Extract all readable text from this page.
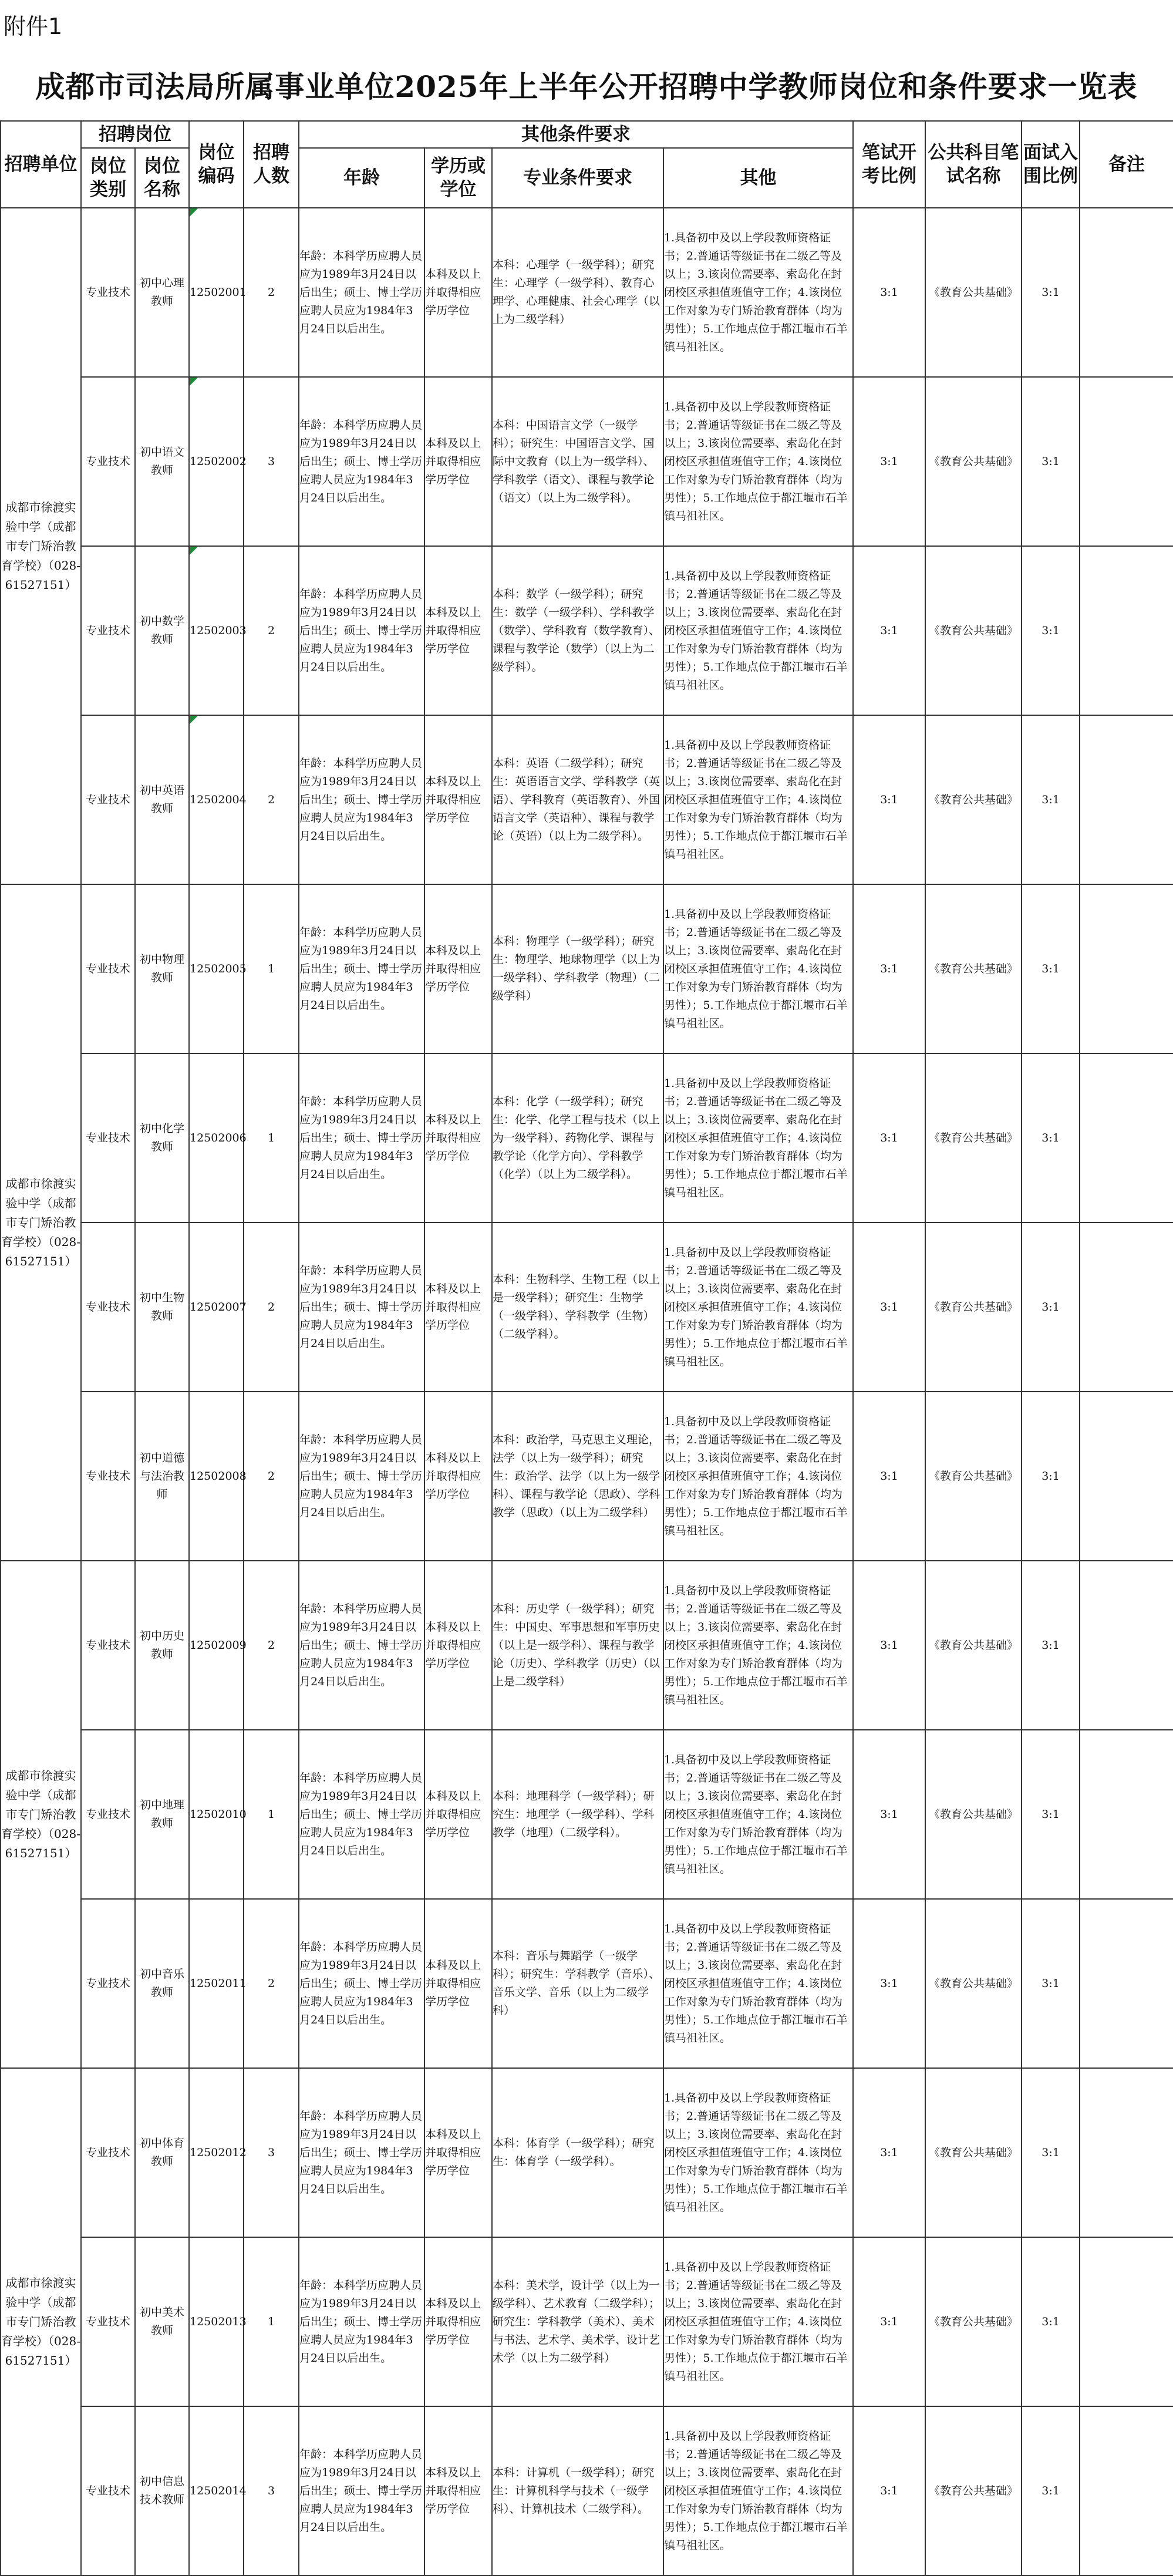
附件1
成都市司法局所属事业单位2025年上半年公开招聘中学教师岗位和条件要求一览表
招聘单位	招聘岗位		岗位编码	招聘人数	其他条件要求				笔试开考比例	公共科目笔试名称	面试入围比例	备注
	岗位类别	岗位名称			年龄	学历或学位	专业条件要求	其他				
成都市徐渡实验中学（成都市专门矫治教育学校）（028-61527151）	专业技术	初中心理教师	12502001	2	年龄：本科学历应聘人员应为1989年3月24日以后出生；硕士、博士学历应聘人员应为1984年3月24日以后出生。	本科及以上并取得相应学历学位	本科：心理学（一级学科）；研究生：心理学（一级学科）、教育心理学、心理健康、社会心理学（以上为二级学科）	1.具备初中及以上学段教师资格证书；2.普通话等级证书在二级乙等及以上；3.该岗位需要率、索岛化在封闭校区承担值班值守工作；4.该岗位工作对象为专门矫治教育群体（均为男性）；5.工作地点位于都江堰市石羊镇马祖社区。	3:1	《教育公共基础》	3:1	
	专业技术	初中语文教师	12502002	3	年龄：本科学历应聘人员应为1989年3月24日以后出生；硕士、博士学历应聘人员应为1984年3月24日以后出生。	本科及以上并取得相应学历学位	本科：中国语言文学（一级学科）；研究生：中国语言文学、国际中文教育（以上为一级学科）、学科教学（语文）、课程与教学论（语文）（以上为二级学科）。	1.具备初中及以上学段教师资格证书；2.普通话等级证书在二级乙等及以上；3.该岗位需要率、索岛化在封闭校区承担值班值守工作；4.该岗位工作对象为专门矫治教育群体（均为男性）；5.工作地点位于都江堰市石羊镇马祖社区。	3:1	《教育公共基础》	3:1	
	专业技术	初中数学教师	12502003	2	年龄：本科学历应聘人员应为1989年3月24日以后出生；硕士、博士学历应聘人员应为1984年3月24日以后出生。	本科及以上并取得相应学历学位	本科：数学（一级学科）；研究生：数学（一级学科）、学科教学（数学）、学科教育（数学教育）、课程与教学论（数学）（以上为二级学科）。	1.具备初中及以上学段教师资格证书；2.普通话等级证书在二级乙等及以上；3.该岗位需要率、索岛化在封闭校区承担值班值守工作；4.该岗位工作对象为专门矫治教育群体（均为男性）；5.工作地点位于都江堰市石羊镇马祖社区。	3:1	《教育公共基础》	3:1	
	专业技术	初中英语教师	12502004	2	年龄：本科学历应聘人员应为1989年3月24日以后出生；硕士、博士学历应聘人员应为1984年3月24日以后出生。	本科及以上并取得相应学历学位	本科：英语（二级学科）；研究生：英语语言文学、学科教学（英语）、学科教育（英语教育）、外国语言文学（英语种）、课程与教学论（英语）（以上为二级学科）。	1.具备初中及以上学段教师资格证书；2.普通话等级证书在二级乙等及以上；3.该岗位需要率、索岛化在封闭校区承担值班值守工作；4.该岗位工作对象为专门矫治教育群体（均为男性）；5.工作地点位于都江堰市石羊镇马祖社区。	3:1	《教育公共基础》	3:1	
成都市徐渡实验中学（成都市专门矫治教育学校）（028-61527151）	专业技术	初中物理教师	12502005	1	年龄：本科学历应聘人员应为1989年3月24日以后出生；硕士、博士学历应聘人员应为1984年3月24日以后出生。	本科及以上并取得相应学历学位	本科：物理学（一级学科）；研究生：物理学、地球物理学（以上为一级学科）、学科教学（物理）（二级学科）	1.具备初中及以上学段教师资格证书；2.普通话等级证书在二级乙等及以上；3.该岗位需要率、索岛化在封闭校区承担值班值守工作；4.该岗位工作对象为专门矫治教育群体（均为男性）；5.工作地点位于都江堰市石羊镇马祖社区。	3:1	《教育公共基础》	3:1	
	专业技术	初中化学教师	12502006	1	年龄：本科学历应聘人员应为1989年3月24日以后出生；硕士、博士学历应聘人员应为1984年3月24日以后出生。	本科及以上并取得相应学历学位	本科：化学（一级学科）；研究生：化学、化学工程与技术（以上为一级学科）、药物化学、课程与教学论（化学方向）、学科教学（化学）（以上为二级学科）。	1.具备初中及以上学段教师资格证书；2.普通话等级证书在二级乙等及以上；3.该岗位需要率、索岛化在封闭校区承担值班值守工作；4.该岗位工作对象为专门矫治教育群体（均为男性）；5.工作地点位于都江堰市石羊镇马祖社区。	3:1	《教育公共基础》	3:1	
	专业技术	初中生物教师	12502007	2	年龄：本科学历应聘人员应为1989年3月24日以后出生；硕士、博士学历应聘人员应为1984年3月24日以后出生。	本科及以上并取得相应学历学位	本科：生物科学、生物工程（以上是一级学科）；研究生：生物学（一级学科）、学科教学（生物）（二级学科）。	1.具备初中及以上学段教师资格证书；2.普通话等级证书在二级乙等及以上；3.该岗位需要率、索岛化在封闭校区承担值班值守工作；4.该岗位工作对象为专门矫治教育群体（均为男性）；5.工作地点位于都江堰市石羊镇马祖社区。	3:1	《教育公共基础》	3:1	
	专业技术	初中道德与法治教师	12502008	2	年龄：本科学历应聘人员应为1989年3月24日以后出生；硕士、博士学历应聘人员应为1984年3月24日以后出生。	本科及以上并取得相应学历学位	本科：政治学，马克思主义理论，法学（以上为一级学科）；研究生：政治学、法学（以上为一级学科）、课程与教学论（思政）、学科教学（思政）（以上为二级学科）	1.具备初中及以上学段教师资格证书；2.普通话等级证书在二级乙等及以上；3.该岗位需要率、索岛化在封闭校区承担值班值守工作；4.该岗位工作对象为专门矫治教育群体（均为男性）；5.工作地点位于都江堰市石羊镇马祖社区。	3:1	《教育公共基础》	3:1	
成都市徐渡实验中学（成都市专门矫治教育学校）（028-61527151）	专业技术	初中历史教师	12502009	2	年龄：本科学历应聘人员应为1989年3月24日以后出生；硕士、博士学历应聘人员应为1984年3月24日以后出生。	本科及以上并取得相应学历学位	本科：历史学（一级学科）；研究生：中国史、军事思想和军事历史（以上是一级学科）、课程与教学论（历史）、学科教学（历史）（以上是二级学科）	1.具备初中及以上学段教师资格证书；2.普通话等级证书在二级乙等及以上；3.该岗位需要率、索岛化在封闭校区承担值班值守工作；4.该岗位工作对象为专门矫治教育群体（均为男性）；5.工作地点位于都江堰市石羊镇马祖社区。	3:1	《教育公共基础》	3:1	
	专业技术	初中地理教师	12502010	1	年龄：本科学历应聘人员应为1989年3月24日以后出生；硕士、博士学历应聘人员应为1984年3月24日以后出生。	本科及以上并取得相应学历学位	本科：地理科学（一级学科）；研究生：地理学（一级学科）、学科教学（地理）（二级学科）。	1.具备初中及以上学段教师资格证书；2.普通话等级证书在二级乙等及以上；3.该岗位需要率、索岛化在封闭校区承担值班值守工作；4.该岗位工作对象为专门矫治教育群体（均为男性）；5.工作地点位于都江堰市石羊镇马祖社区。	3:1	《教育公共基础》	3:1	
	专业技术	初中音乐教师	12502011	2	年龄：本科学历应聘人员应为1989年3月24日以后出生；硕士、博士学历应聘人员应为1984年3月24日以后出生。	本科及以上并取得相应学历学位	本科：音乐与舞蹈学（一级学科）；研究生：学科教学（音乐）、音乐文学、音乐（以上为二级学科）	1.具备初中及以上学段教师资格证书；2.普通话等级证书在二级乙等及以上；3.该岗位需要率、索岛化在封闭校区承担值班值守工作；4.该岗位工作对象为专门矫治教育群体（均为男性）；5.工作地点位于都江堰市石羊镇马祖社区。	3:1	《教育公共基础》	3:1	
成都市徐渡实验中学（成都市专门矫治教育学校）（028-61527151）	专业技术	初中体育教师	12502012	3	年龄：本科学历应聘人员应为1989年3月24日以后出生；硕士、博士学历应聘人员应为1984年3月24日以后出生。	本科及以上并取得相应学历学位	本科：体育学（一级学科）；研究生：体育学（一级学科）。	1.具备初中及以上学段教师资格证书；2.普通话等级证书在二级乙等及以上；3.该岗位需要率、索岛化在封闭校区承担值班值守工作；4.该岗位工作对象为专门矫治教育群体（均为男性）；5.工作地点位于都江堰市石羊镇马祖社区。	3:1	《教育公共基础》	3:1	
	专业技术	初中美术教师	12502013	1	年龄：本科学历应聘人员应为1989年3月24日以后出生；硕士、博士学历应聘人员应为1984年3月24日以后出生。	本科及以上并取得相应学历学位	本科：美术学，设计学（以上为一级学科）、艺术教育（二级学科）；研究生：学科教学（美术）、美术与书法、艺术学、美术学、设计艺术学（以上为二级学科）	1.具备初中及以上学段教师资格证书；2.普通话等级证书在二级乙等及以上；3.该岗位需要率、索岛化在封闭校区承担值班值守工作；4.该岗位工作对象为专门矫治教育群体（均为男性）；5.工作地点位于都江堰市石羊镇马祖社区。	3:1	《教育公共基础》	3:1	
	专业技术	初中信息技术教师	12502014	3	年龄：本科学历应聘人员应为1989年3月24日以后出生；硕士、博士学历应聘人员应为1984年3月24日以后出生。	本科及以上并取得相应学历学位	本科：计算机（一级学科）；研究生：计算机科学与技术（一级学科）、计算机技术（二级学科）。	1.具备初中及以上学段教师资格证书；2.普通话等级证书在二级乙等及以上；3.该岗位需要率、索岛化在封闭校区承担值班值守工作；4.该岗位工作对象为专门矫治教育群体（均为男性）；5.工作地点位于都江堰市石羊镇马祖社区。	3:1	《教育公共基础》	3:1	
